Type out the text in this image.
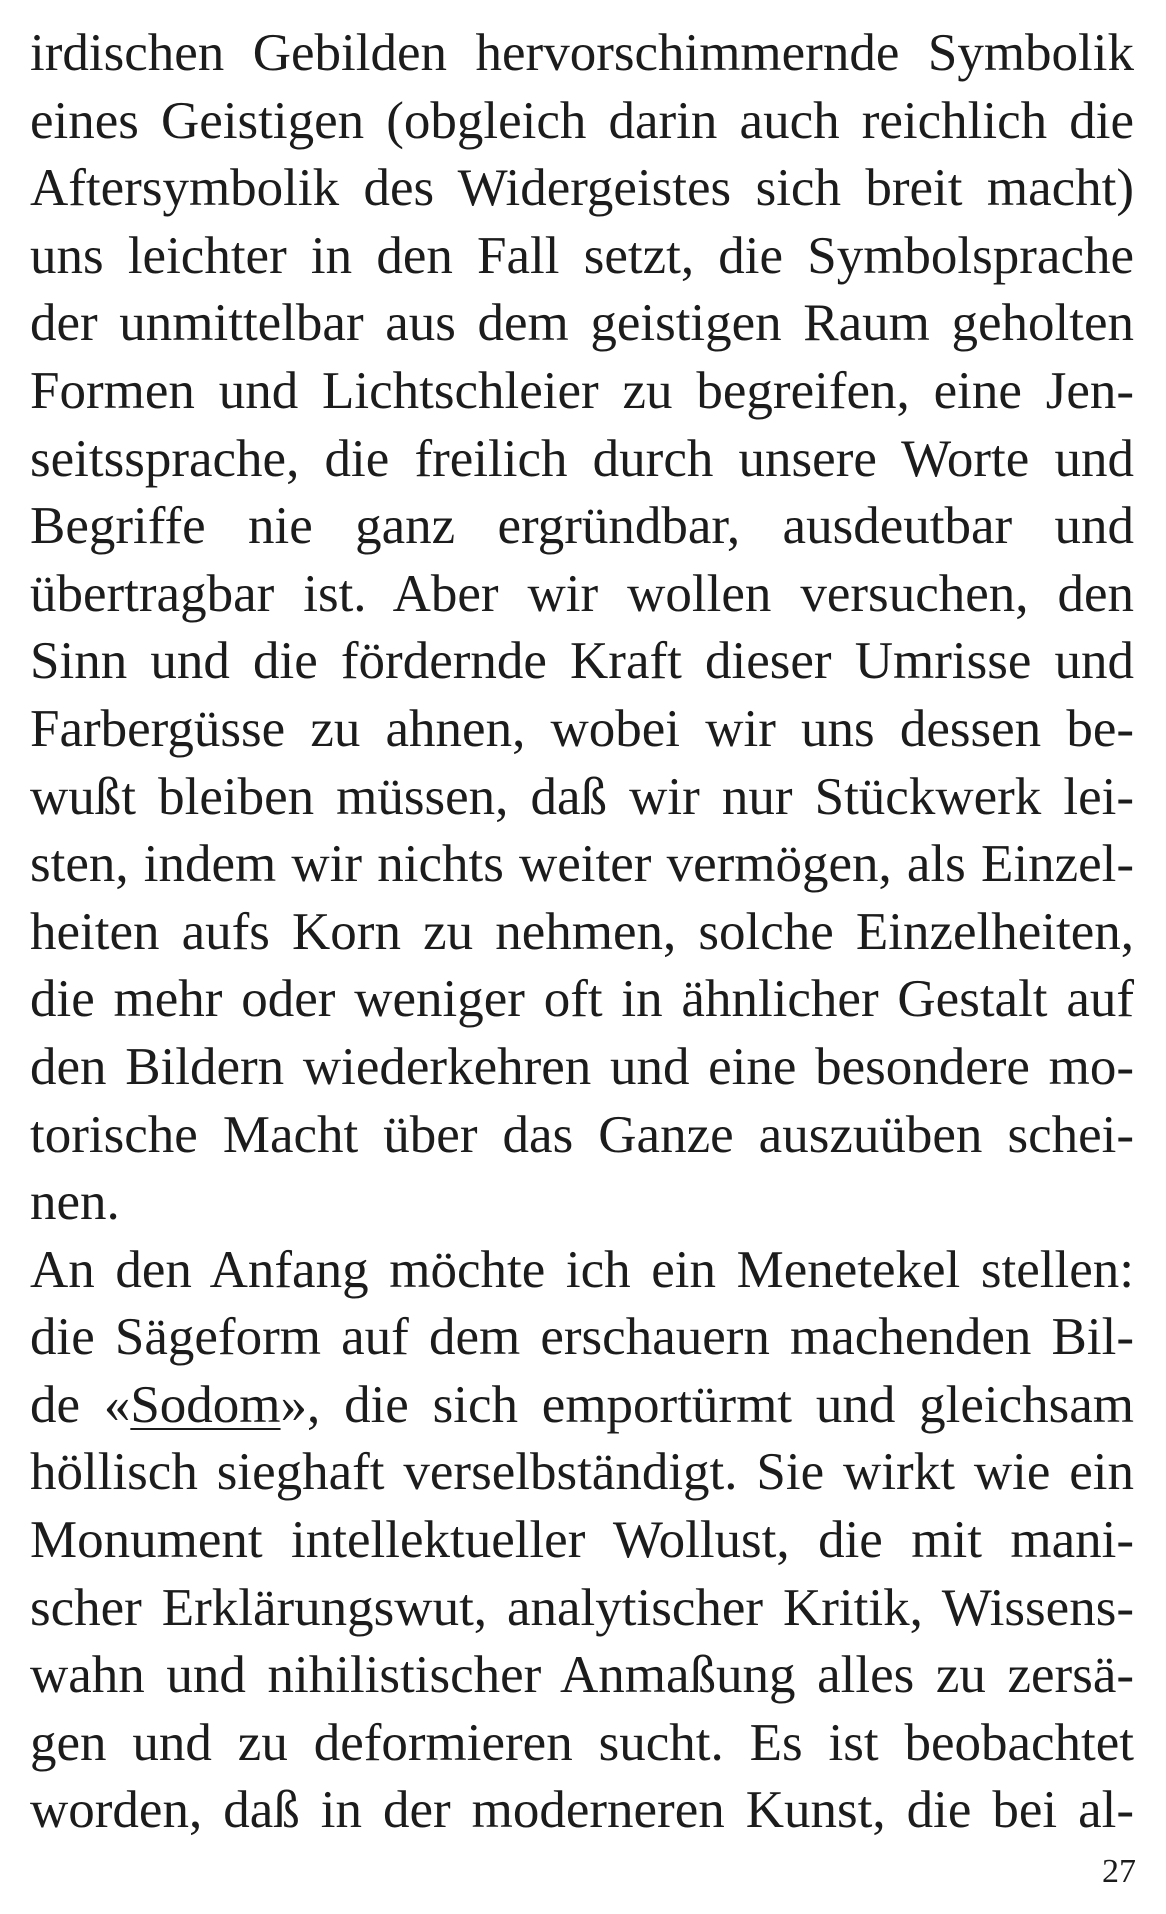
irdischen Gebilden hervorschimmernde Symbolik
eines Geistigen (obgleich darin auch reichlich die
Aftersymbolik des Widergeistes sich breit macht)
uns leichter in den Fall setzt, die Symbolsprache
der unmittelbar aus dem geistigen Raum geholten
Formen und Lichtschleier zu begreifen, eine Jen-
seitssprache, die freilich durch unsere Worte und
Begriffe nie ganz ergründbar, ausdeutbar und
übertragbar ist. Aber wir wollen versuchen, den
Sinn und die fördernde Kraft dieser Umrisse und
Farbergüsse zu ahnen, wobei wir uns dessen be-
wußt bleiben müssen, daß wir nur Stückwerk lei-
sten, indem wir nichts weiter vermögen, als Einzel-
heiten aufs Korn zu nehmen, solche Einzelheiten,
die mehr oder weniger oft in ähnlicher Gestalt auf
den Bildern wiederkehren und eine besondere mo-
torische Macht über das Ganze auszuüben schei-
nen.
An den Anfang möchte ich ein Menetekel stellen:
die Sägeform auf dem erschauern machenden Bil-
de «Sodom», die sich emportürmt und gleichsam
höllisch sieghaft verselbständigt. Sie wirkt wie ein
Monument intellektueller Wollust, die mit mani-
scher Erklärungswut, analytischer Kritik, Wissens-
wahn und nihilistischer Anmaßung alles zu zersä-
gen und zu deformieren sucht. Es ist beobachtet
worden, daß in der moderneren Kunst, die bei al-
27
